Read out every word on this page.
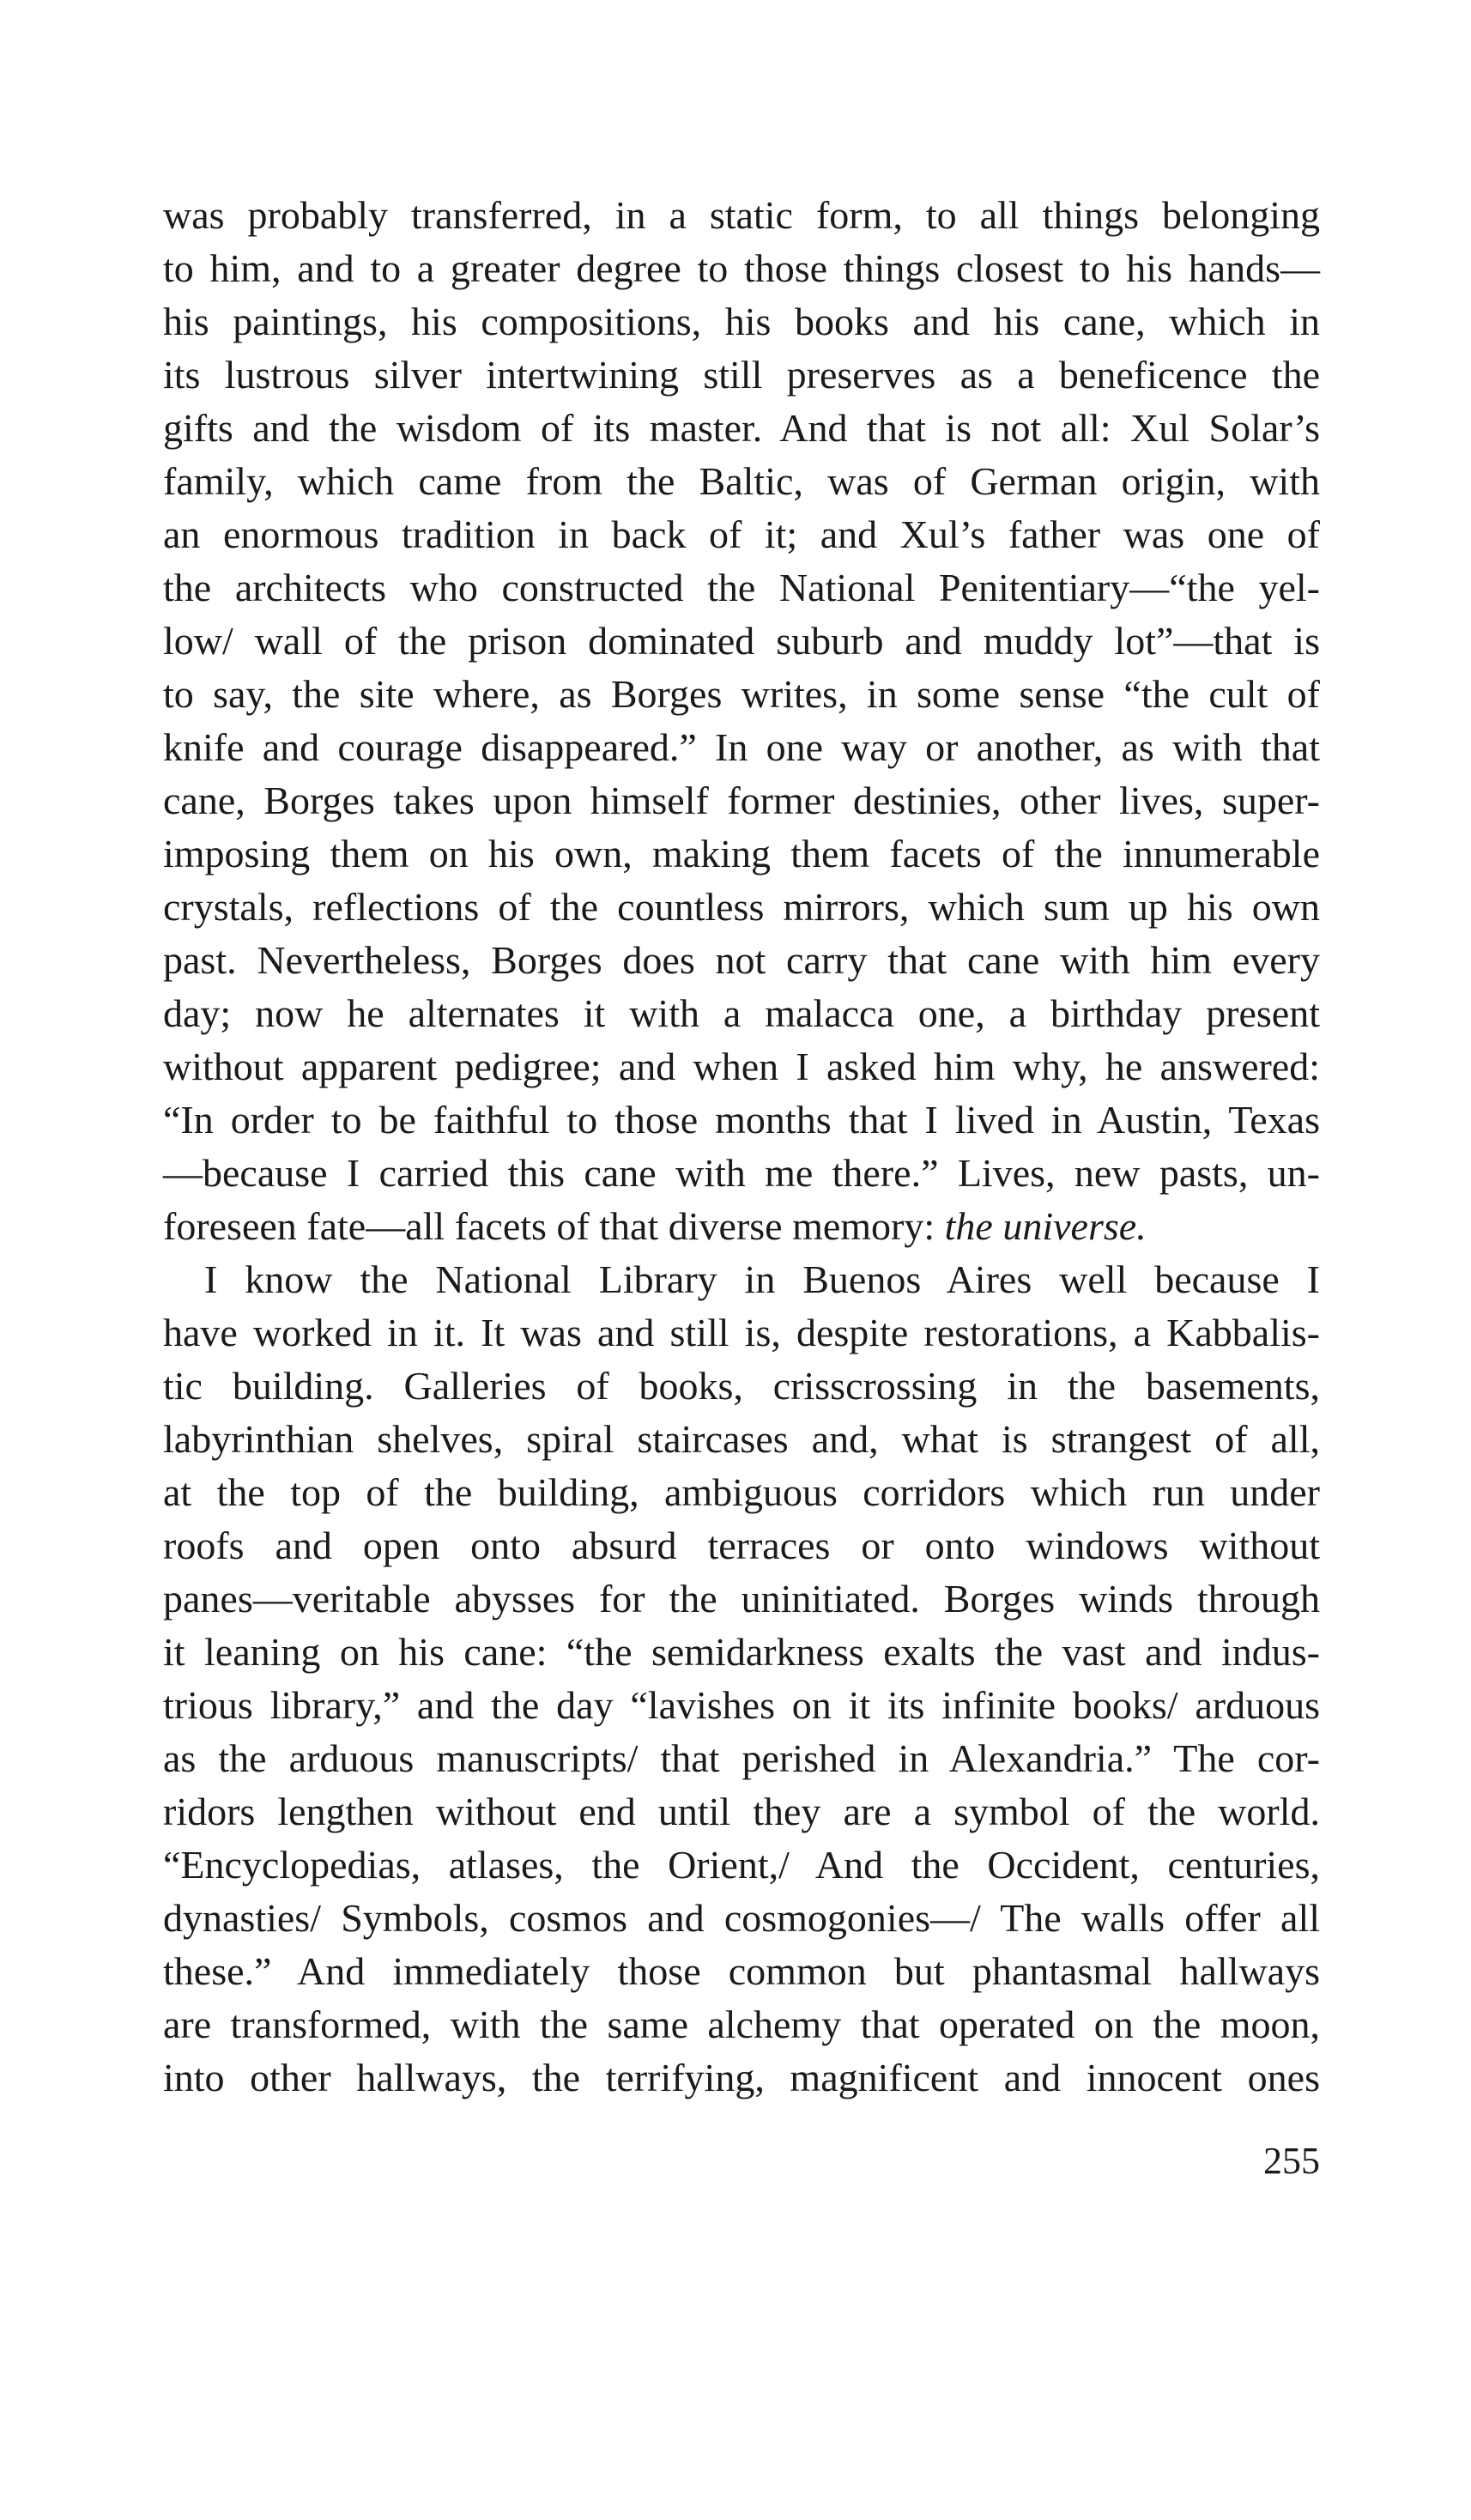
was probably transferred, in a static form, to all things belonging
to him, and to a greater degree to those things closest to his hands—
his paintings, his compositions, his books and his cane, which in
its lustrous silver intertwining still preserves as a beneficence the
gifts and the wisdom of its master. And that is not all: Xul Solar’s
family, which came from the Baltic, was of German origin, with
an enormous tradition in back of it; and Xul’s father was one of
the architects who constructed the National Penitentiary—“the yel-
low/ wall of the prison dominated suburb and muddy lot”—that is
to say, the site where, as Borges writes, in some sense “the cult of
knife and courage disappeared.” In one way or another, as with that
cane, Borges takes upon himself former destinies, other lives, super-
imposing them on his own, making them facets of the innumerable
crystals, reflections of the countless mirrors, which sum up his own
past. Nevertheless, Borges does not carry that cane with him every
day; now he alternates it with a malacca one, a birthday present
without apparent pedigree; and when I asked him why, he answered:
“In order to be faithful to those months that I lived in Austin, Texas
—because I carried this cane with me there.” Lives, new pasts, un-
foreseen fate—all facets of that diverse memory: the universe.
I know the National Library in Buenos Aires well because I
have worked in it. It was and still is, despite restorations, a Kabbalis-
tic building. Galleries of books, crisscrossing in the basements,
labyrinthian shelves, spiral staircases and, what is strangest of all,
at the top of the building, ambiguous corridors which run under
roofs and open onto absurd terraces or onto windows without
panes—veritable abysses for the uninitiated. Borges winds through
it leaning on his cane: “the semidarkness exalts the vast and indus-
trious library,” and the day “lavishes on it its infinite books/ arduous
as the arduous manuscripts/ that perished in Alexandria.” The cor-
ridors lengthen without end until they are a symbol of the world.
“Encyclopedias, atlases, the Orient,/ And the Occident, centuries,
dynasties/ Symbols, cosmos and cosmogonies—/ The walls offer all
these.” And immediately those common but phantasmal hallways
are transformed, with the same alchemy that operated on the moon,
into other hallways, the terrifying, magnificent and innocent ones
255
